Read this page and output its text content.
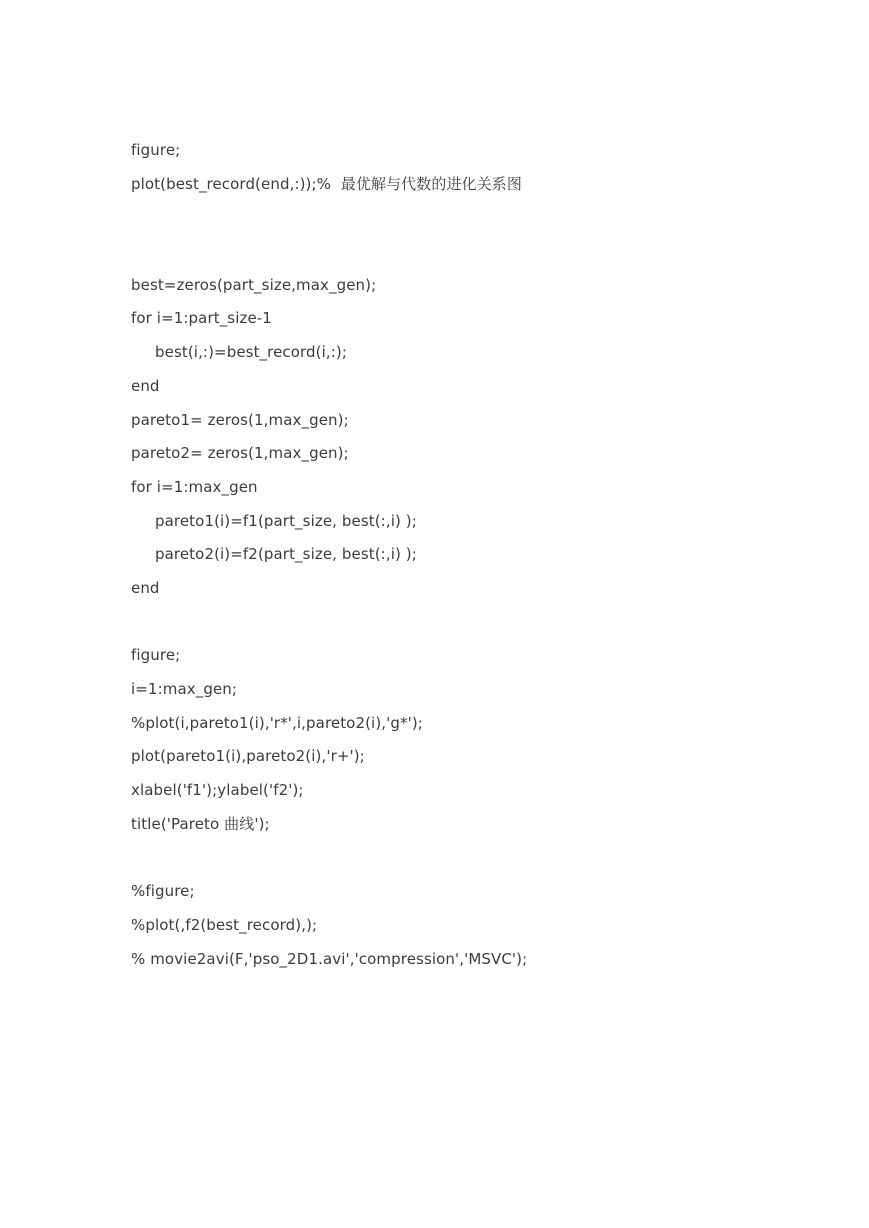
figure;
plot(best_record(end,:));%  最优解与代数的进化关系图
best=zeros(part_size,max_gen);
for i=1:part_size-1
best(i,:)=best_record(i,:);
end
pareto1= zeros(1,max_gen);
pareto2= zeros(1,max_gen);
for i=1:max_gen
pareto1(i)=f1(part_size, best(:,i) );
pareto2(i)=f2(part_size, best(:,i) );
end
figure;
i=1:max_gen;
%plot(i,pareto1(i),'r*',i,pareto2(i),'g*');
plot(pareto1(i),pareto2(i),'r+');
xlabel('f1');ylabel('f2');
title('Pareto 曲线');
%figure;
%plot(,f2(best_record),);
% movie2avi(F,'pso_2D1.avi','compression','MSVC');
